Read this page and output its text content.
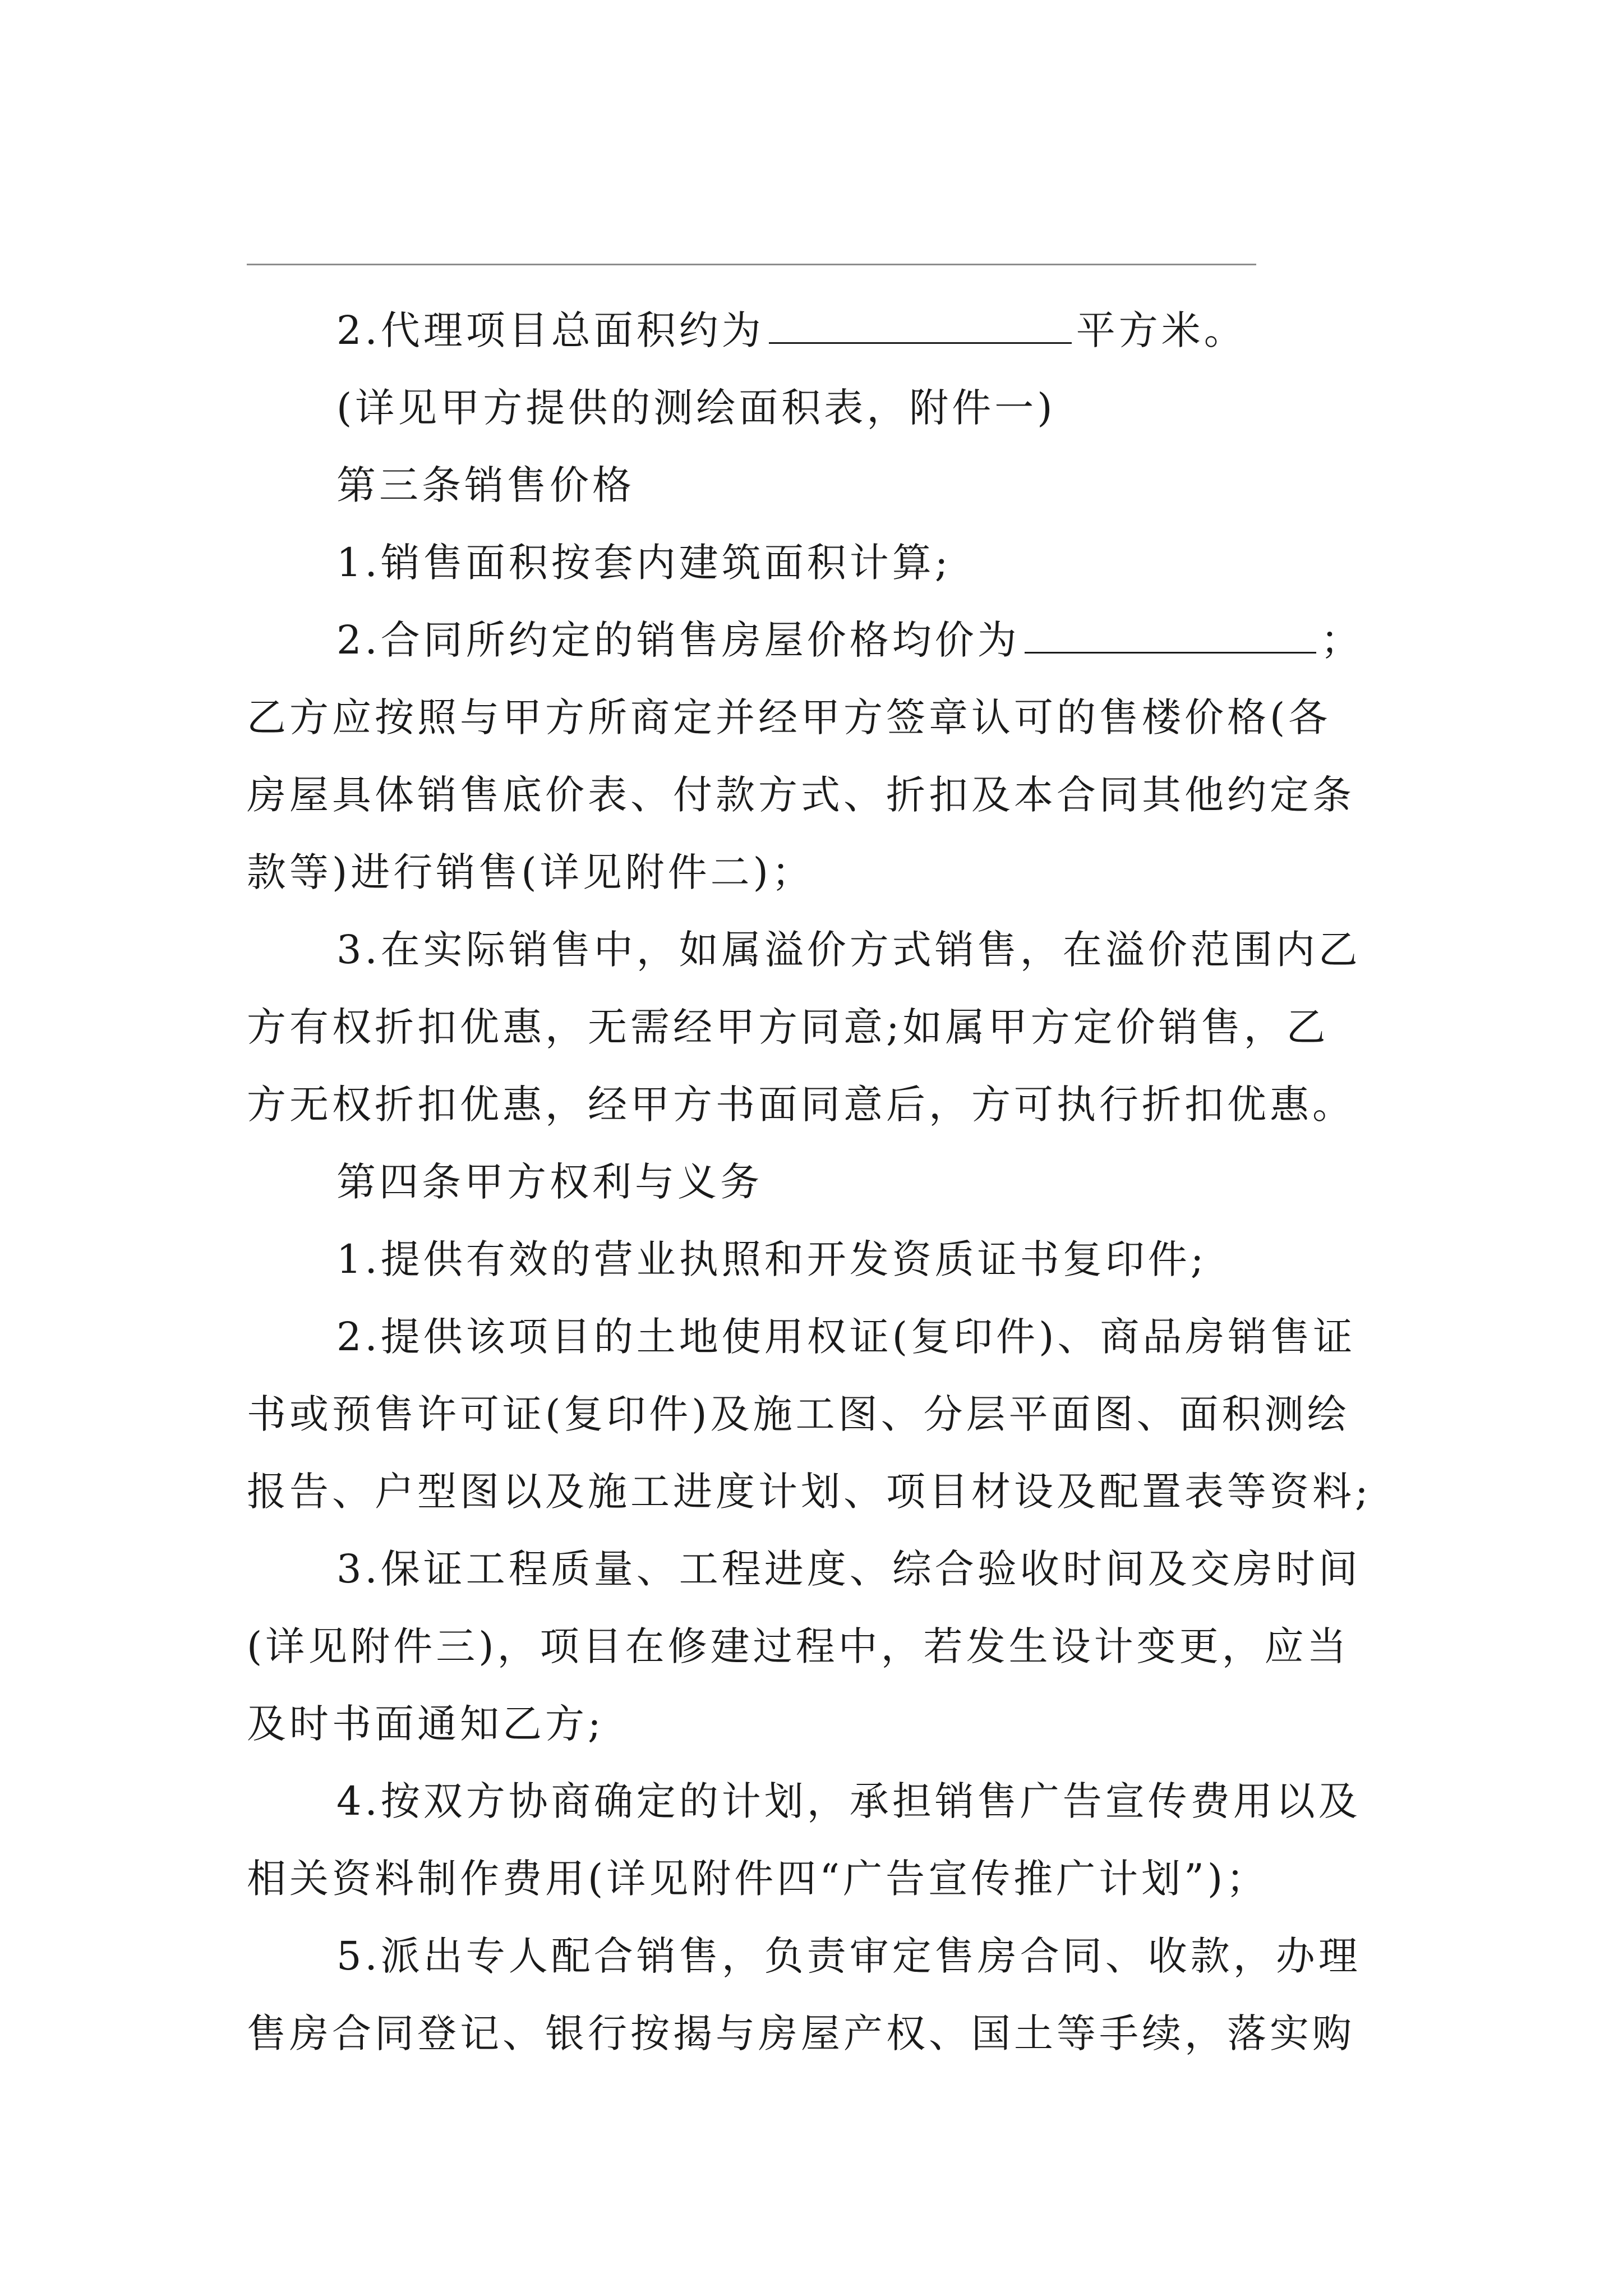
2.代理项目总面积约为	平方米。
(详见甲方提供的测绘面积表，附件一)
第三条销售价格
1.销售面积按套内建筑面积计算;
2.合同所约定的销售房屋价格均价为	；
乙方应按照与甲方所商定并经甲方签章认可的售楼价格(各
房屋具体销售底价表、付款方式、折扣及本合同其他约定条
款等)进行销售(详见附件二)；
3.在实际销售中，如属溢价方式销售，在溢价范围内乙
方有权折扣优惠，无需经甲方同意;如属甲方定价销售，乙
方无权折扣优惠，经甲方书面同意后，方可执行折扣优惠。
第四条甲方权利与义务
1.提供有效的营业执照和开发资质证书复印件;
2.提供该项目的土地使用权证(复印件)、商品房销售证
书或预售许可证(复印件)及施工图、分层平面图、面积测绘
报告、户型图以及施工进度计划、项目材设及配置表等资料;
3.保证工程质量、工程进度、综合验收时间及交房时间
(详见附件三)，项目在修建过程中，若发生设计变更，应当
及时书面通知乙方;
4.按双方协商确定的计划，承担销售广告宣传费用以及
相关资料制作费用(详见附件四“广告宣传推广计划”)；
5.派出专人配合销售，负责审定售房合同、收款，办理
售房合同登记、银行按揭与房屋产权、国土等手续，落实购
